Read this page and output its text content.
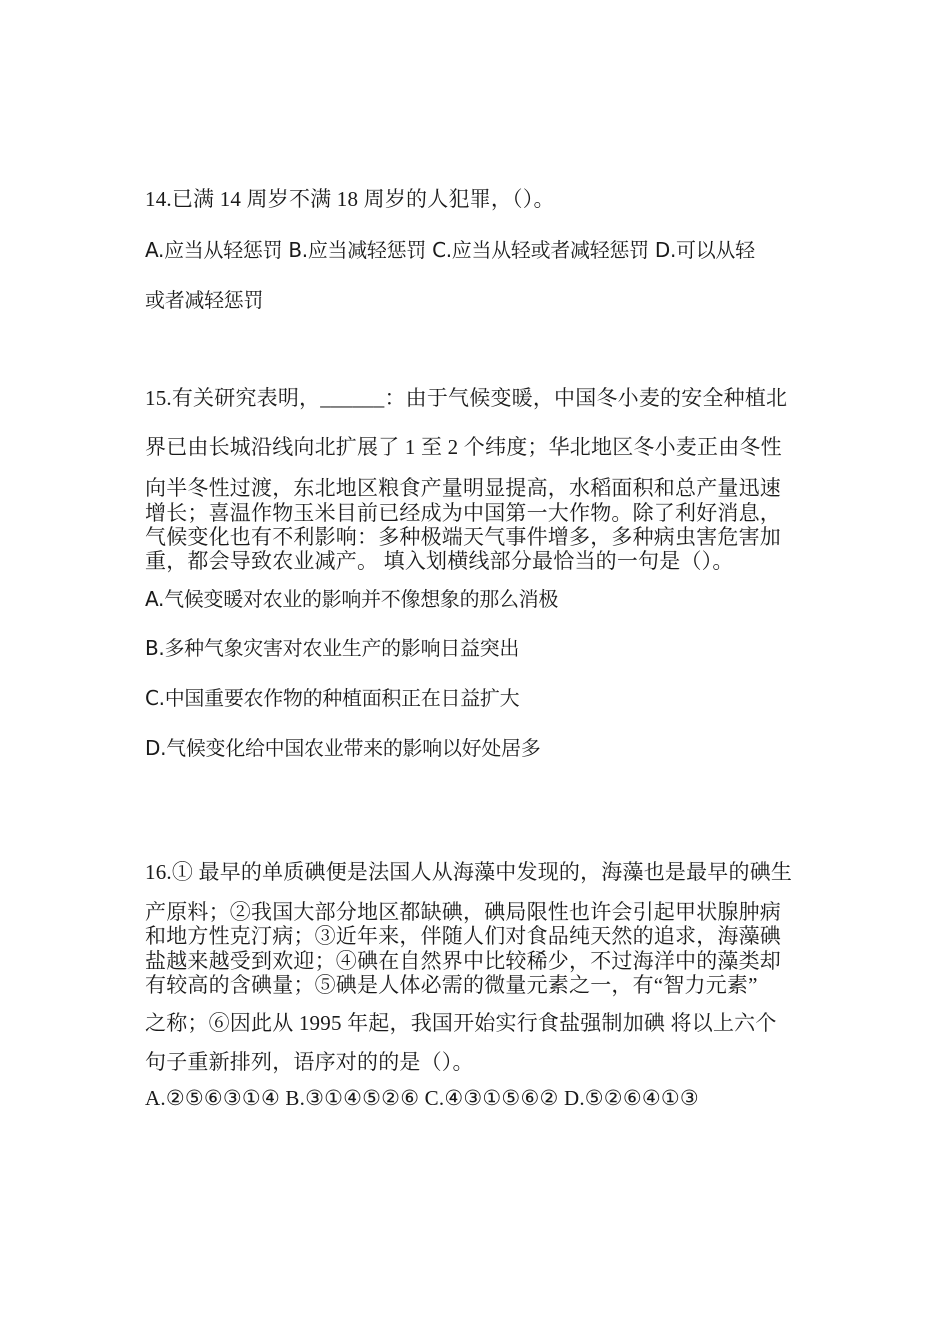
14.已满 14 周岁不满 18 周岁的人犯罪，（）。
A.应当从轻惩罚 B.应当减轻惩罚 C.应当从轻或者减轻惩罚 D.可以从轻
或者减轻惩罚
15.有关研究表明，______：由于气候变暖，中国冬小麦的安全种植北
界已由长城沿线向北扩展了 1 至 2 个纬度；华北地区冬小麦正由冬性
向半冬性过渡，东北地区粮食产量明显提高，水稻面积和总产量迅速
增长；喜温作物玉米目前已经成为中国第一大作物。除了利好消息，
气候变化也有不利影响：多种极端天气事件增多，多种病虫害危害加
重，都会导致农业减产。 填入划横线部分最恰当的一句是（）。
A.气候变暖对农业的影响并不像想象的那么消极
B.多种气象灾害对农业生产的影响日益突出
C.中国重要农作物的种植面积正在日益扩大
D.气候变化给中国农业带来的影响以好处居多
16.① 最早的单质碘便是法国人从海藻中发现的，海藻也是最早的碘生
产原料；②我国大部分地区都缺碘，碘局限性也许会引起甲状腺肿病
和地方性克汀病；③近年来，伴随人们对食品纯天然的追求，海藻碘
盐越来越受到欢迎；④碘在自然界中比较稀少，不过海洋中的藻类却
有较高的含碘量；⑤碘是人体必需的微量元素之一，有“智力元素”
之称；⑥因此从 1995 年起，我国开始实行食盐强制加碘 将以上六个
句子重新排列，语序对的的是（）。
A.②⑤⑥③①④ B.③①④⑤②⑥ C.④③①⑤⑥② D.⑤②⑥④①③
